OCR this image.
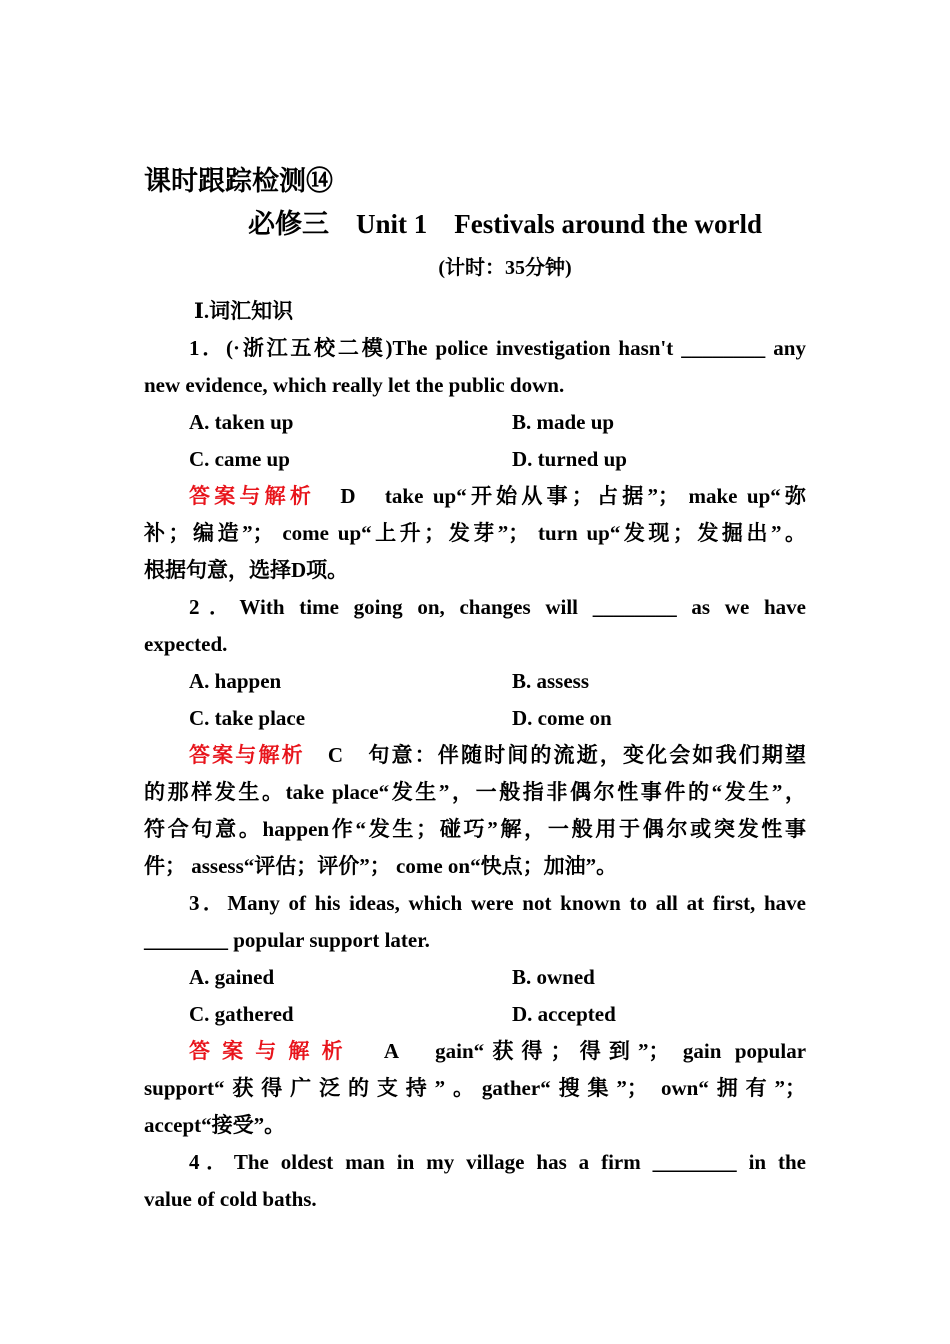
课时跟踪检测⑭
必修三　Unit 1　Festivals around the world
(计时：35分钟)
Ⅰ.词汇知识
1．(·浙江五校二模)The police investigation hasn't ________ any
new evidence, which really let the public down.
A. taken up	B. made up
C. came up	D. turned up
答案与解析　 D　take up“开始从事；占据”； make up“弥
补；编造”； come up“上升；发芽”； turn up“发现；发掘出”。
根据句意，选择D项。
2．With time going on, changes will ________ as we have
expected.
A. happen	B. assess
C. take place	D. come on
答案与解析　 C　句意：伴随时间的流逝，变化会如我们期望
的那样发生。take place“发生”，一般指非偶尔性事件的“发生”，
符合句意。happen作“发生；碰巧”解，一般用于偶尔或突发性事
件； assess“评估；评价”； come on“快点；加油”。
3．Many of his ideas, which were not known to all at first, have
________ popular support later.
A. gained	B. owned
C. gathered	D. accepted
答案与解析　 A　gain“获得；得到”； gain popular
support“获得广泛的支持”。gather“搜集”； own“拥有”；
accept“接受”。
4．The oldest man in my village has a firm ________ in the
value of cold baths.
